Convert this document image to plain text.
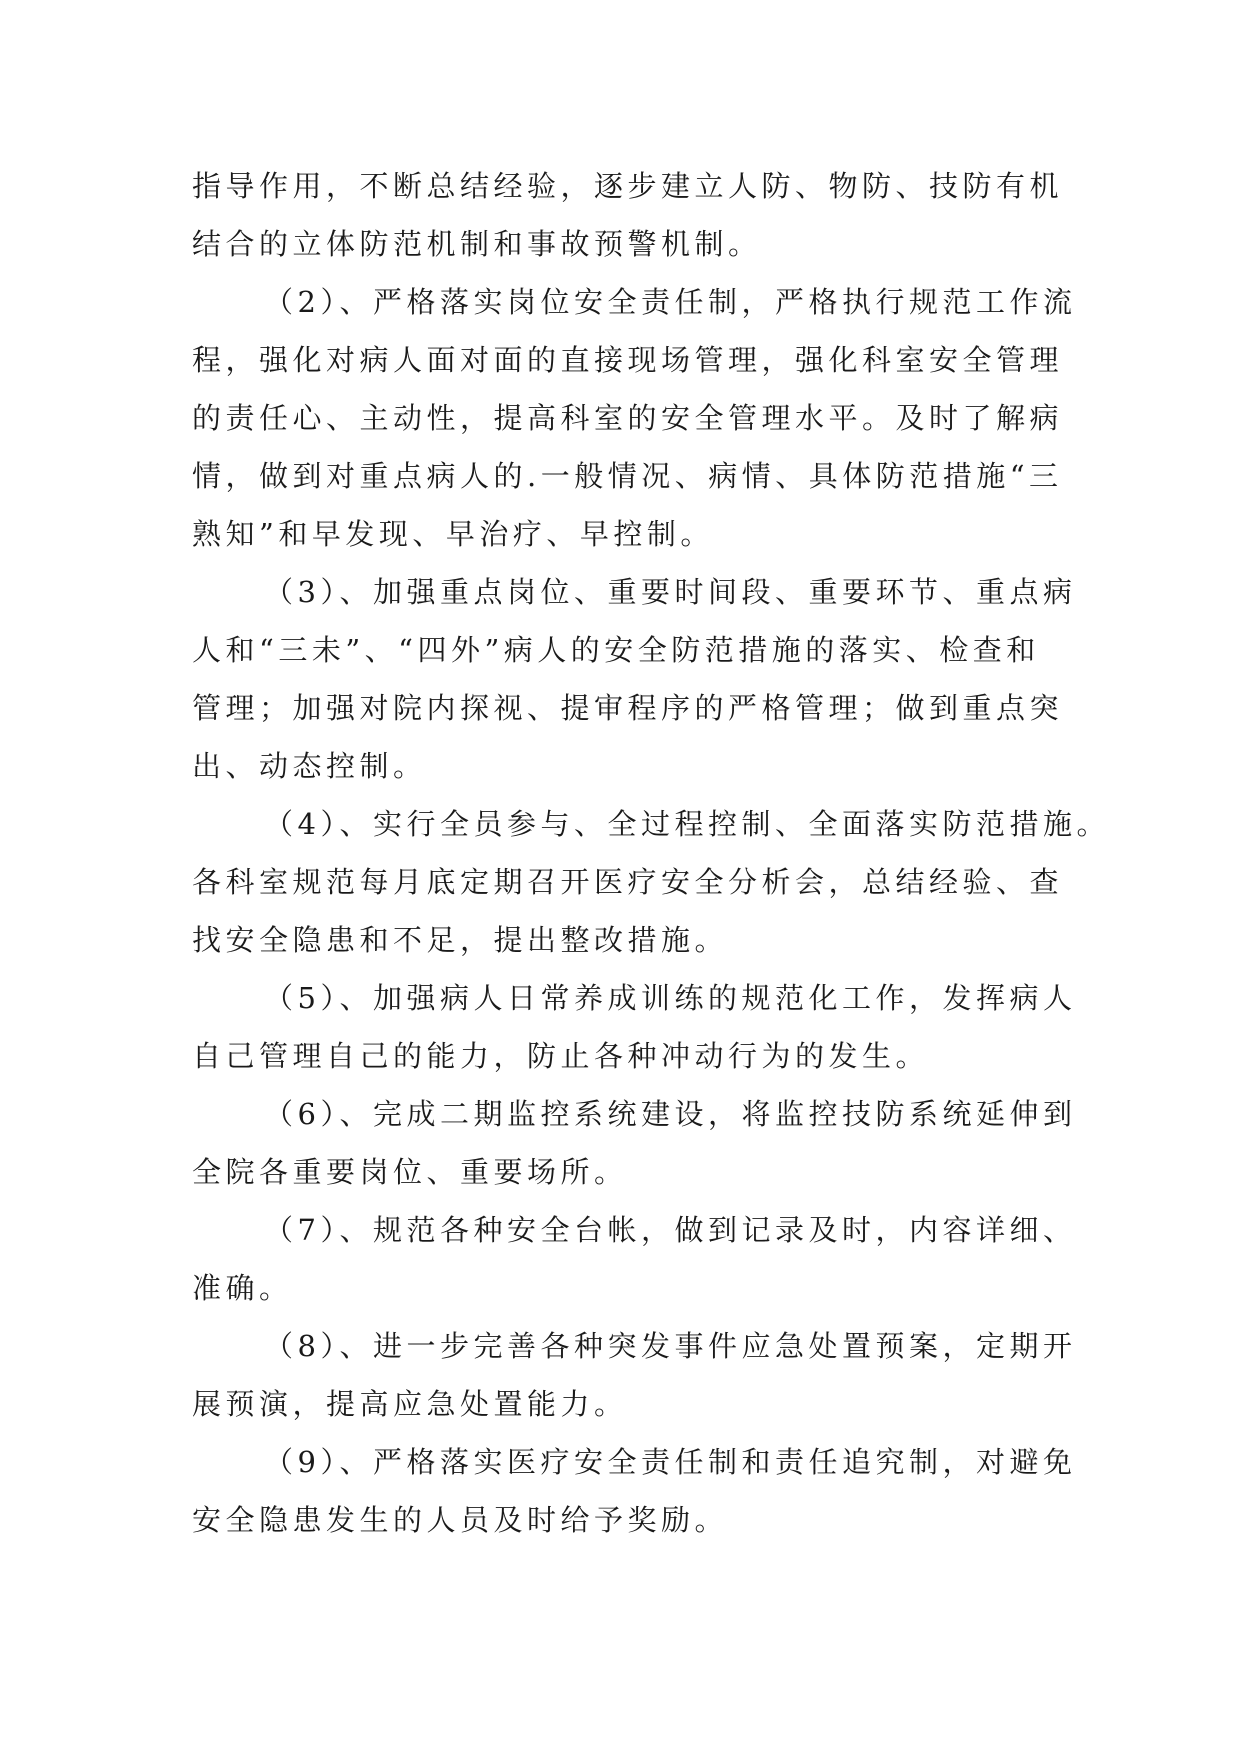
指导作用，不断总结经验，逐步建立人防、物防、技防有机
结合的立体防范机制和事故预警机制。
（2）、严格落实岗位安全责任制，严格执行规范工作流
程，强化对病人面对面的直接现场管理，强化科室安全管理
的责任心、主动性，提高科室的安全管理水平。及时了解病
情，做到对重点病人的.一般情况、病情、具体防范措施“三
熟知”和早发现、早治疗、早控制。
（3）、加强重点岗位、重要时间段、重要环节、重点病
人和“三未”、“四外”病人的安全防范措施的落实、检查和
管理；加强对院内探视、提审程序的严格管理；做到重点突
出、动态控制。
（4）、实行全员参与、全过程控制、全面落实防范措施。
各科室规范每月底定期召开医疗安全分析会，总结经验、查
找安全隐患和不足，提出整改措施。
（5）、加强病人日常养成训练的规范化工作，发挥病人
自己管理自己的能力，防止各种冲动行为的发生。
（6）、完成二期监控系统建设，将监控技防系统延伸到
全院各重要岗位、重要场所。
（7）、规范各种安全台帐，做到记录及时，内容详细、
准确。
（8）、进一步完善各种突发事件应急处置预案，定期开
展预演，提高应急处置能力。
（9）、严格落实医疗安全责任制和责任追究制，对避免
安全隐患发生的人员及时给予奖励。
